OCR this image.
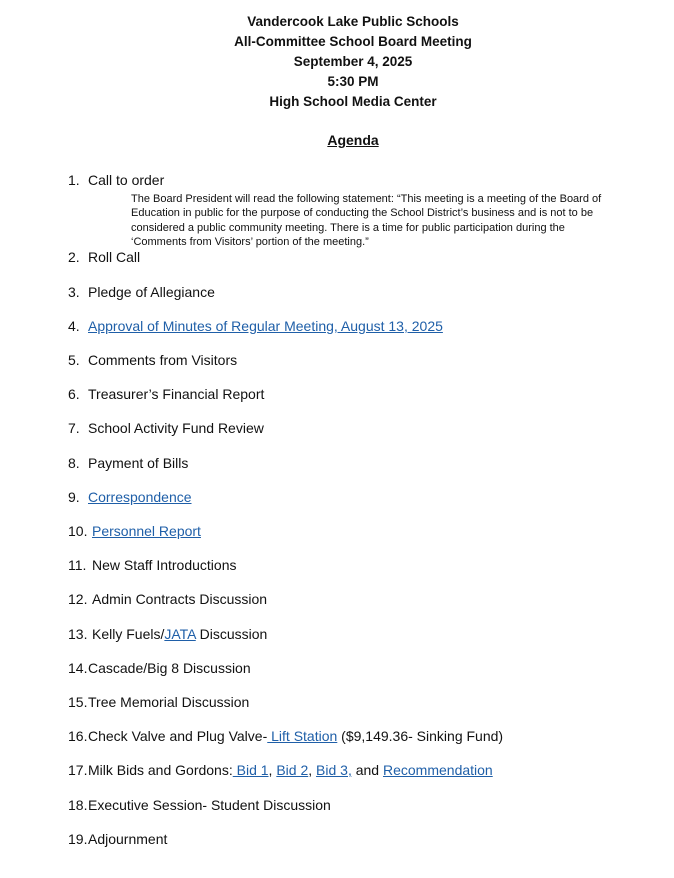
Vandercook Lake Public Schools
All-Committee School Board Meeting
September 4, 2025
5:30 PM
High School Media Center
Agenda
1. Call to order
The Board President will read the following statement: “This meeting is a meeting of the Board of Education in public for the purpose of conducting the School District’s business and is not to be considered a public community meeting. There is a time for public participation during the ‘Comments from Visitors’ portion of the meeting.”
2. Roll Call
3. Pledge of Allegiance
4. Approval of Minutes of Regular Meeting, August 13, 2025
5. Comments from Visitors
6. Treasurer’s Financial Report
7. School Activity Fund Review
8. Payment of Bills
9. Correspondence
10. Personnel Report
11. New Staff Introductions
12. Admin Contracts Discussion
13. Kelly Fuels/JATA Discussion
14.Cascade/Big 8 Discussion
15.Tree Memorial Discussion
16.Check Valve and Plug Valve- Lift Station ($9,149.36- Sinking Fund)
17.Milk Bids and Gordons: Bid 1, Bid 2, Bid 3, and Recommendation
18.Executive Session- Student Discussion
19.Adjournment
